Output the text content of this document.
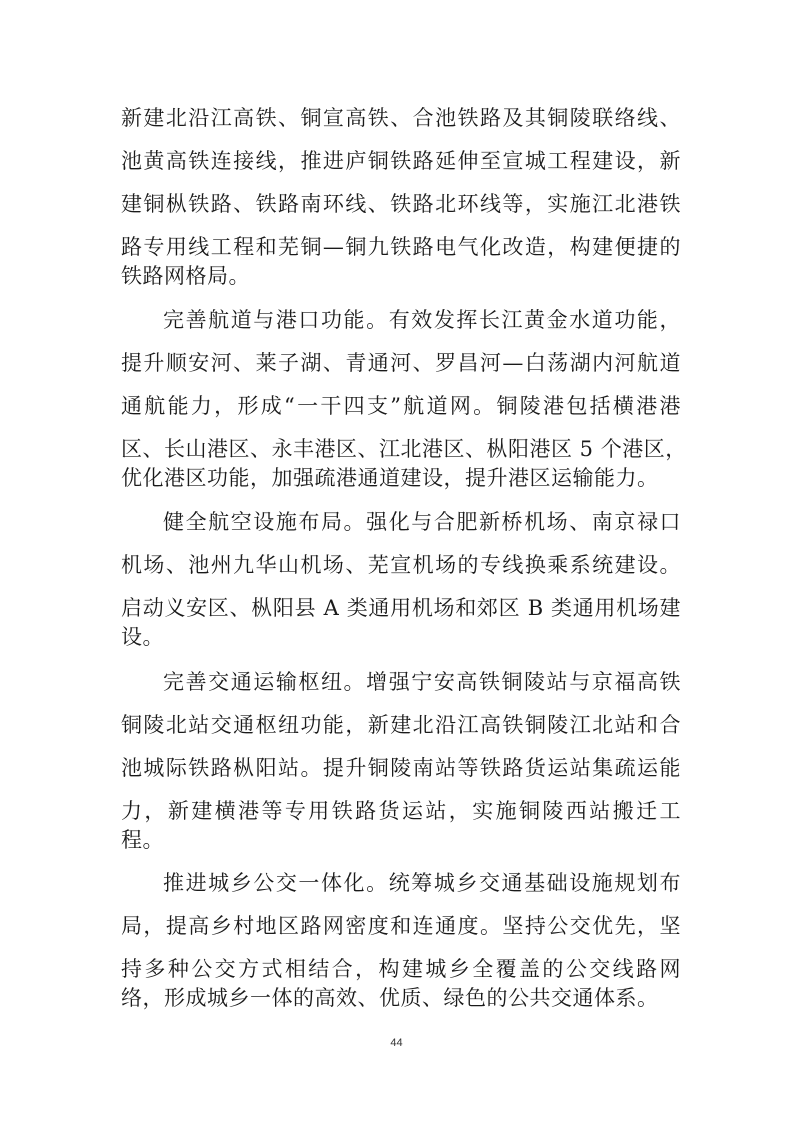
新建北沿江高铁、铜宣高铁、合池铁路及其铜陵联络线、
池黄高铁连接线，推进庐铜铁路延伸至宣城工程建设，新
建铜枞铁路、铁路南环线、铁路北环线等，实施江北港铁
路专用线工程和芜铜—铜九铁路电气化改造，构建便捷的
铁路网格局。
完善航道与港口功能。有效发挥长江黄金水道功能，
提升顺安河、莱子湖、青通河、罗昌河—白荡湖内河航道
通航能力，形成“一干四支”航道网。铜陵港包括横港港
区、长山港区、永丰港区、江北港区、枞阳港区 5 个港区，
优化港区功能，加强疏港通道建设，提升港区运输能力。
健全航空设施布局。强化与合肥新桥机场、南京禄口
机场、池州九华山机场、芜宣机场的专线换乘系统建设。
启动义安区、枞阳县 A 类通用机场和郊区 B 类通用机场建
设。
完善交通运输枢纽。增强宁安高铁铜陵站与京福高铁
铜陵北站交通枢纽功能，新建北沿江高铁铜陵江北站和合
池城际铁路枞阳站。提升铜陵南站等铁路货运站集疏运能
力，新建横港等专用铁路货运站，实施铜陵西站搬迁工
程。
推进城乡公交一体化。统筹城乡交通基础设施规划布
局，提高乡村地区路网密度和连通度。坚持公交优先，坚
持多种公交方式相结合，构建城乡全覆盖的公交线路网
络，形成城乡一体的高效、优质、绿色的公共交通体系。
44
